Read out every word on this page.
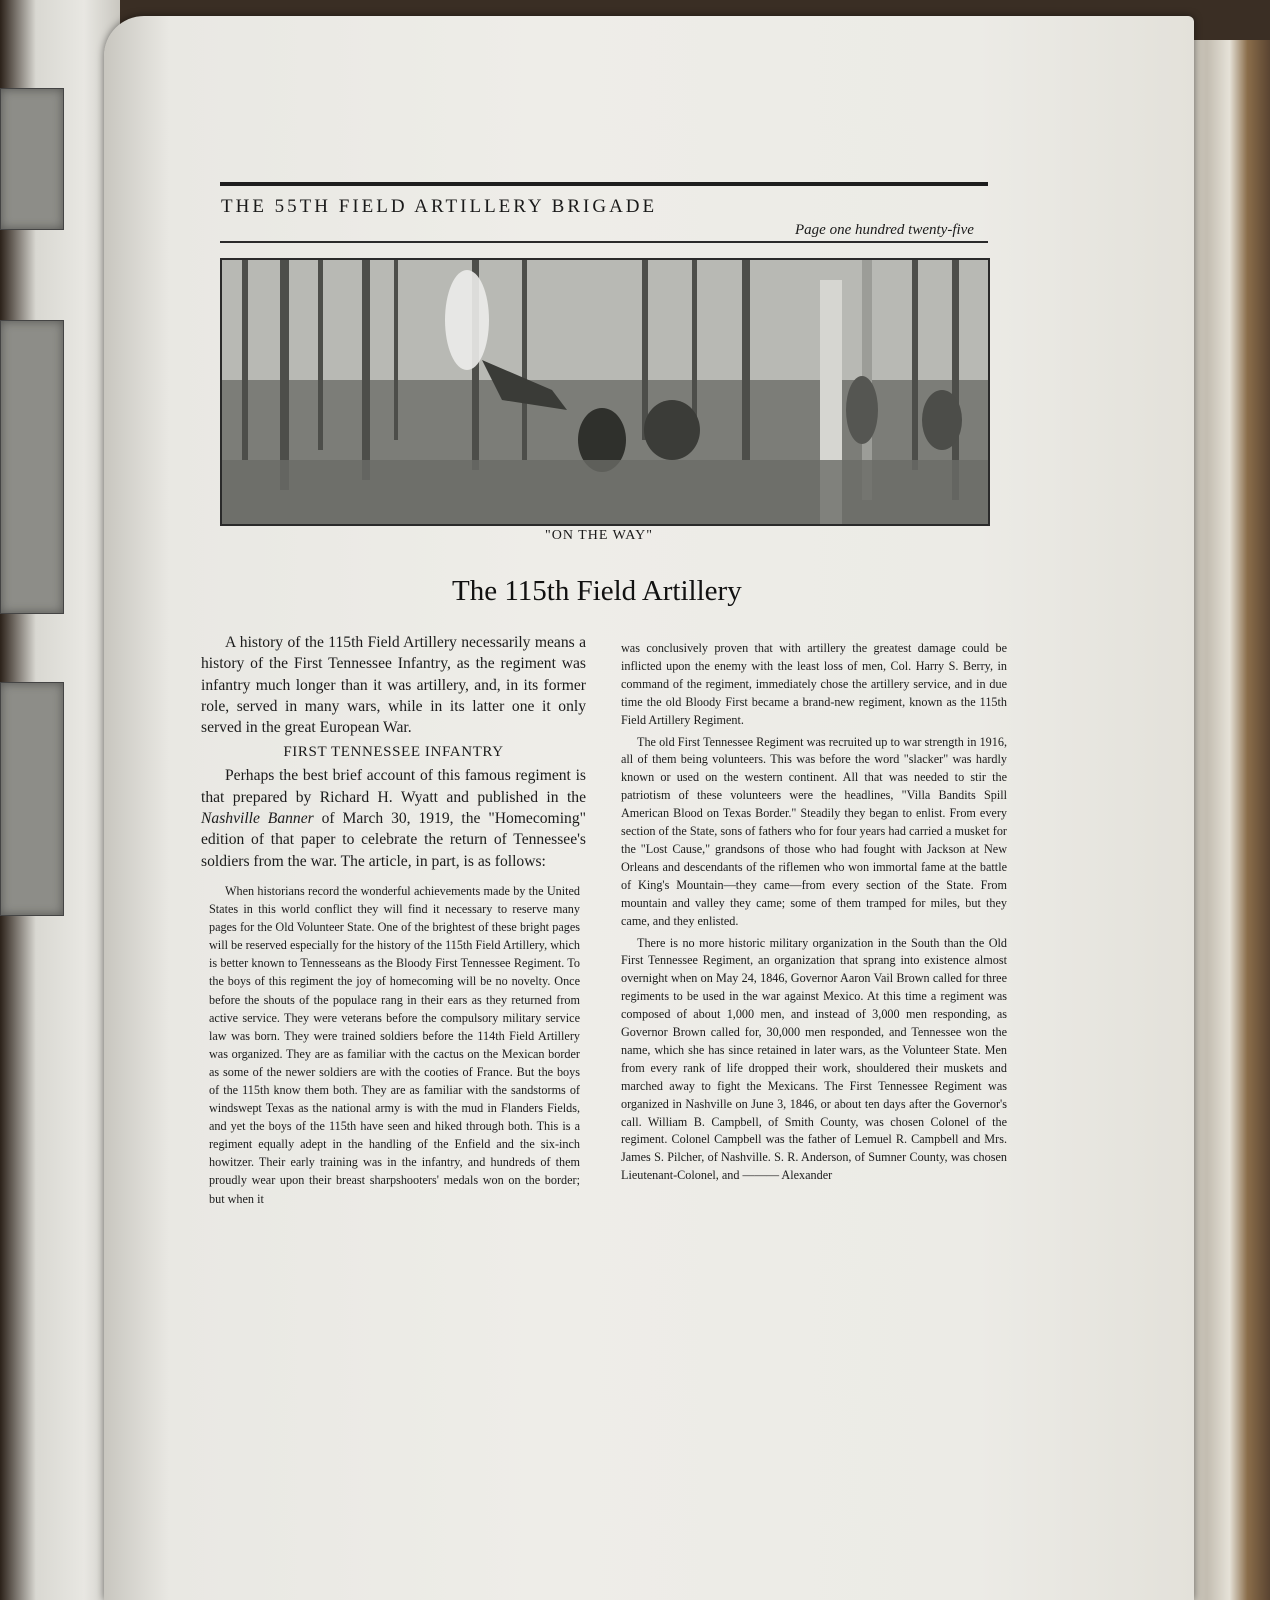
THE 55TH FIELD ARTILLERY BRIGADE
Page one hundred twenty-five
"ON THE WAY"
The 115th Field Artillery

A history of the 115th Field Artillery necessarily means a history of the First Tennessee Infantry, as the regiment was infantry much longer than it was artillery, and, in its former role, served in many wars, while in its latter one it only served in the great European War.

FIRST TENNESSEE INFANTRY

Perhaps the best brief account of this famous regiment is that prepared by Richard H. Wyatt and published in the Nashville Banner of March 30, 1919, the "Homecoming" edition of that paper to celebrate the return of Tennessee's soldiers from the war. The article, in part, is as follows:

When historians record the wonderful achievements made by the United States in this world conflict they will find it necessary to reserve many pages for the Old Volunteer State. One of the brightest of these bright pages will be reserved especially for the history of the 115th Field Artillery, which is better known to Tennesseans as the Bloody First Tennessee Regiment. To the boys of this regiment the joy of homecoming will be no novelty. Once before the shouts of the populace rang in their ears as they returned from active service. They were veterans before the compulsory military service law was born. They were trained soldiers before the 114th Field Artillery was organized. They are as familiar with the cactus on the Mexican border as some of the newer soldiers are with the cooties of France. But the boys of the 115th know them both. They are as familiar with the sandstorms of windswept Texas as the national army is with the mud in Flanders Fields, and yet the boys of the 115th have seen and hiked through both. This is a regiment equally adept in the handling of the Enfield and the six-inch howitzer. Their early training was in the infantry, and hundreds of them proudly wear upon their breast sharpshooters' medals won on the border; but when it

was conclusively proven that with artillery the greatest damage could be inflicted upon the enemy with the least loss of men, Col. Harry S. Berry, in command of the regiment, immediately chose the artillery service, and in due time the old Bloody First became a brand-new regiment, known as the 115th Field Artillery Regiment.

The old First Tennessee Regiment was recruited up to war strength in 1916, all of them being volunteers. This was before the word "slacker" was hardly known or used on the western continent. All that was needed to stir the patriotism of these volunteers were the headlines, "Villa Bandits Spill American Blood on Texas Border." Steadily they began to enlist. From every section of the State, sons of fathers who for four years had carried a musket for the "Lost Cause," grandsons of those who had fought with Jackson at New Orleans and descendants of the riflemen who won immortal fame at the battle of King's Mountain—they came—from every section of the State. From mountain and valley they came; some of them tramped for miles, but they came, and they enlisted.

There is no more historic military organization in the South than the Old First Tennessee Regiment, an organization that sprang into existence almost overnight when on May 24, 1846, Governor Aaron Vail Brown called for three regiments to be used in the war against Mexico. At this time a regiment was composed of about 1,000 men, and instead of 3,000 men responding, as Governor Brown called for, 30,000 men responded, and Tennessee won the name, which she has since retained in later wars, as the Volunteer State. Men from every rank of life dropped their work, shouldered their muskets and marched away to fight the Mexicans. The First Tennessee Regiment was organized in Nashville on June 3, 1846, or about ten days after the Governor's call. William B. Campbell, of Smith County, was chosen Colonel of the regiment. Colonel Campbell was the father of Lemuel R. Campbell and Mrs. James S. Pilcher, of Nashville. S. R. Anderson, of Sumner County, was chosen Lieutenant-Colonel, and ——— Alexander
